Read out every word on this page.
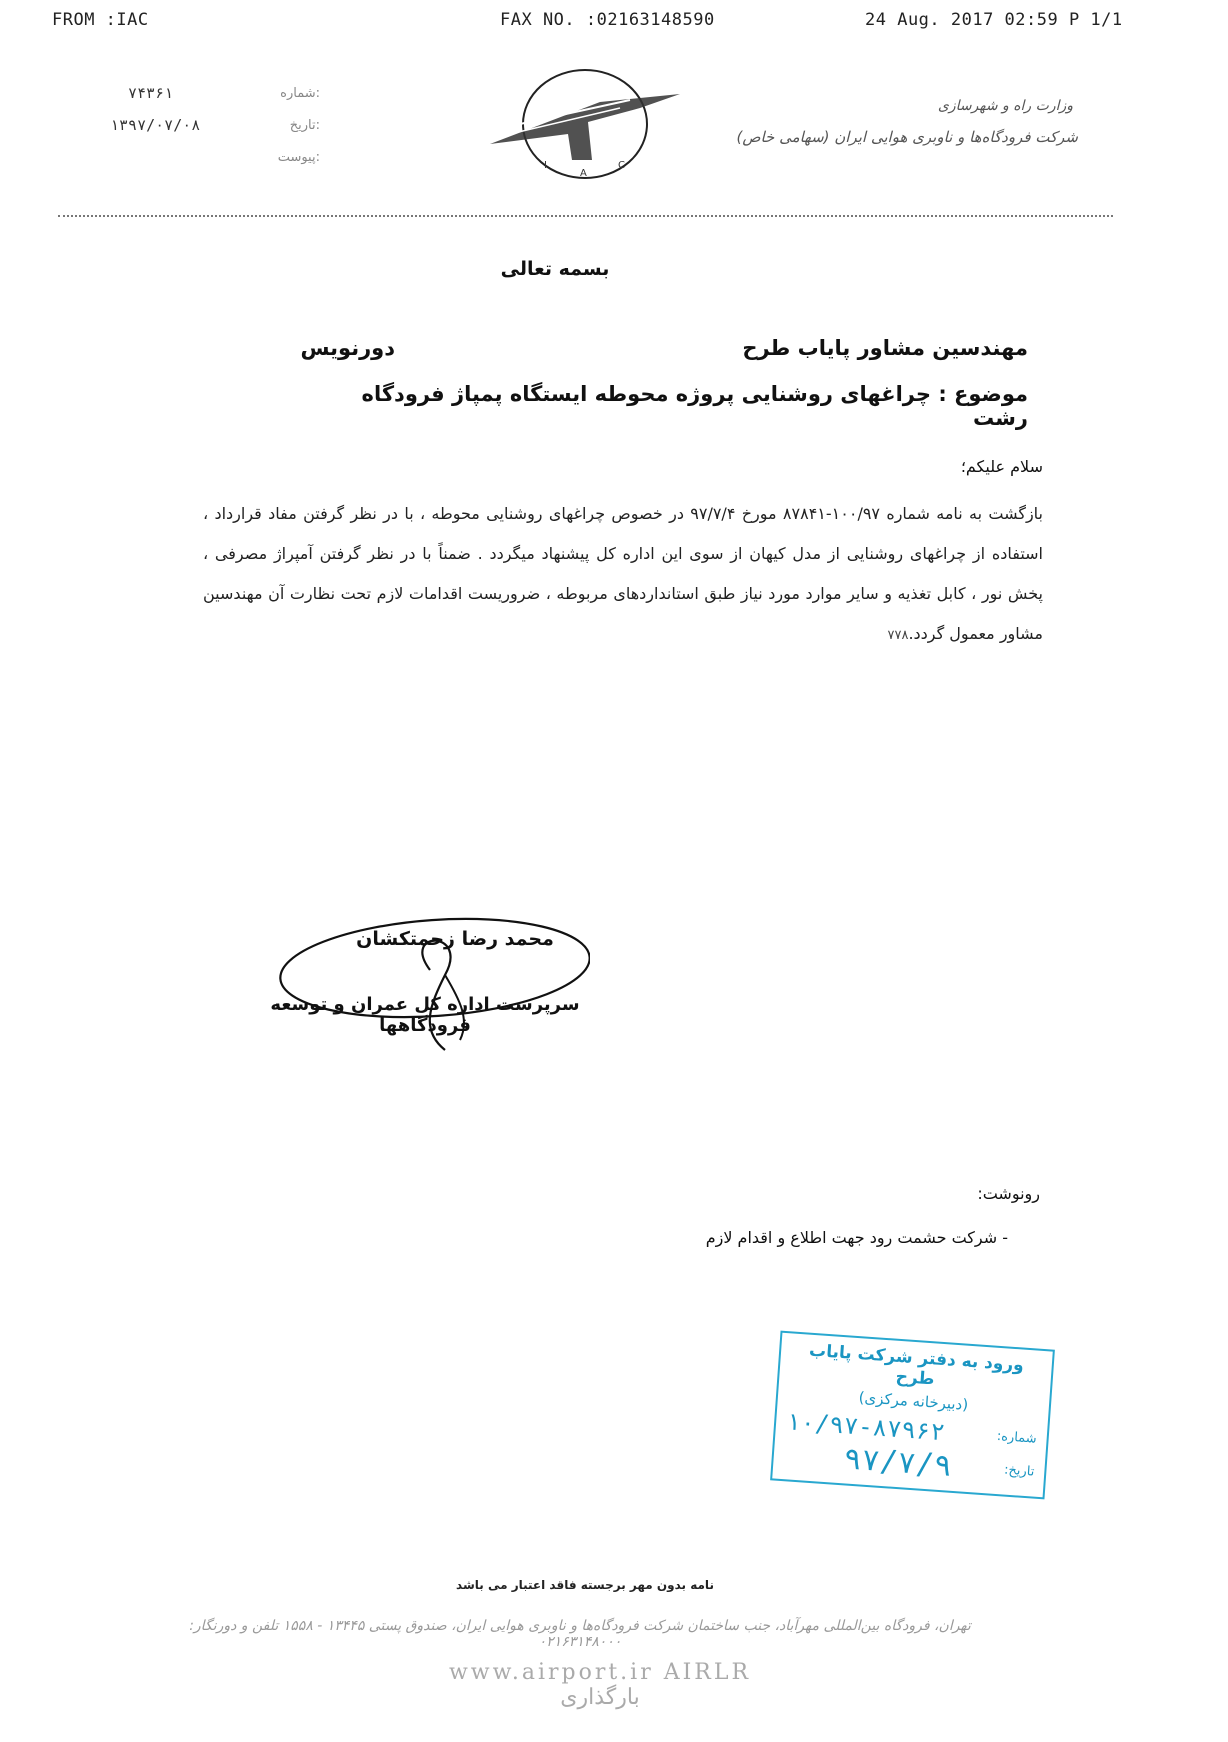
FROM :IAC	FAX NO. :02163148590	24 Aug. 2017 02:59 P 1/1
۷۴۳۶۱	شماره:
۱۳۹۷/۰۷/۰۸	تاریخ:
پیوست:
I
A
C
وزارت راه و شهرسازی
شرکت فرودگاه‌ها و ناوبری هوایی ایران (سهامی خاص)
بسمه تعالی
مهندسین مشاور پایاب طرح
دورنویس
موضوع : چراغهای روشنایی پروژه محوطه ایستگاه پمپاژ فرودگاه رشت
سلام علیکم؛
بازگشت به نامه شماره ۱۰۰/۹۷-۸۷۸۴۱ مورخ ۹۷/۷/۴ در خصوص چراغهای روشنایی محوطه ، با در نظر گرفتن مفاد قرارداد ، استفاده از چراغهای روشنایی از مدل کیهان از سوی این اداره کل پیشنهاد میگردد . ضمناً با در نظر گرفتن آمپراژ مصرفی ، پخش نور ، کابل تغذیه و سایر موارد مورد نیاز طبق استانداردهای مربوطه ، ضروریست اقدامات لازم تحت نظارت آن مهندسین مشاور معمول گردد.۷۷۸
محمد رضا زحمتکشان
سرپرست اداره کل عمران و توسعه فرودگاهها
رونوشت:
- شرکت حشمت رود جهت اطلاع و اقدام لازم
ورود به دفتر شرکت پایاب طرح
(دبیرخانه مرکزی)
شماره:
۱۰/۹۷-۸۷۹۶۲
تاریخ:
۹۷/۷/۹
نامه بدون مهر برجسته فاقد اعتبار می باشد
تهران، فرودگاه بین‌المللی مهرآباد، جنب ساختمان شرکت فرودگاه‌ها و ناوبری هوایی ایران، صندوق پستی ۱۳۴۴۵ - ۱۵۵۸ تلفن و دورنگار: ۰۲۱۶۳۱۴۸۰۰۰
www.airport.ir AIRLR بارگذاری
